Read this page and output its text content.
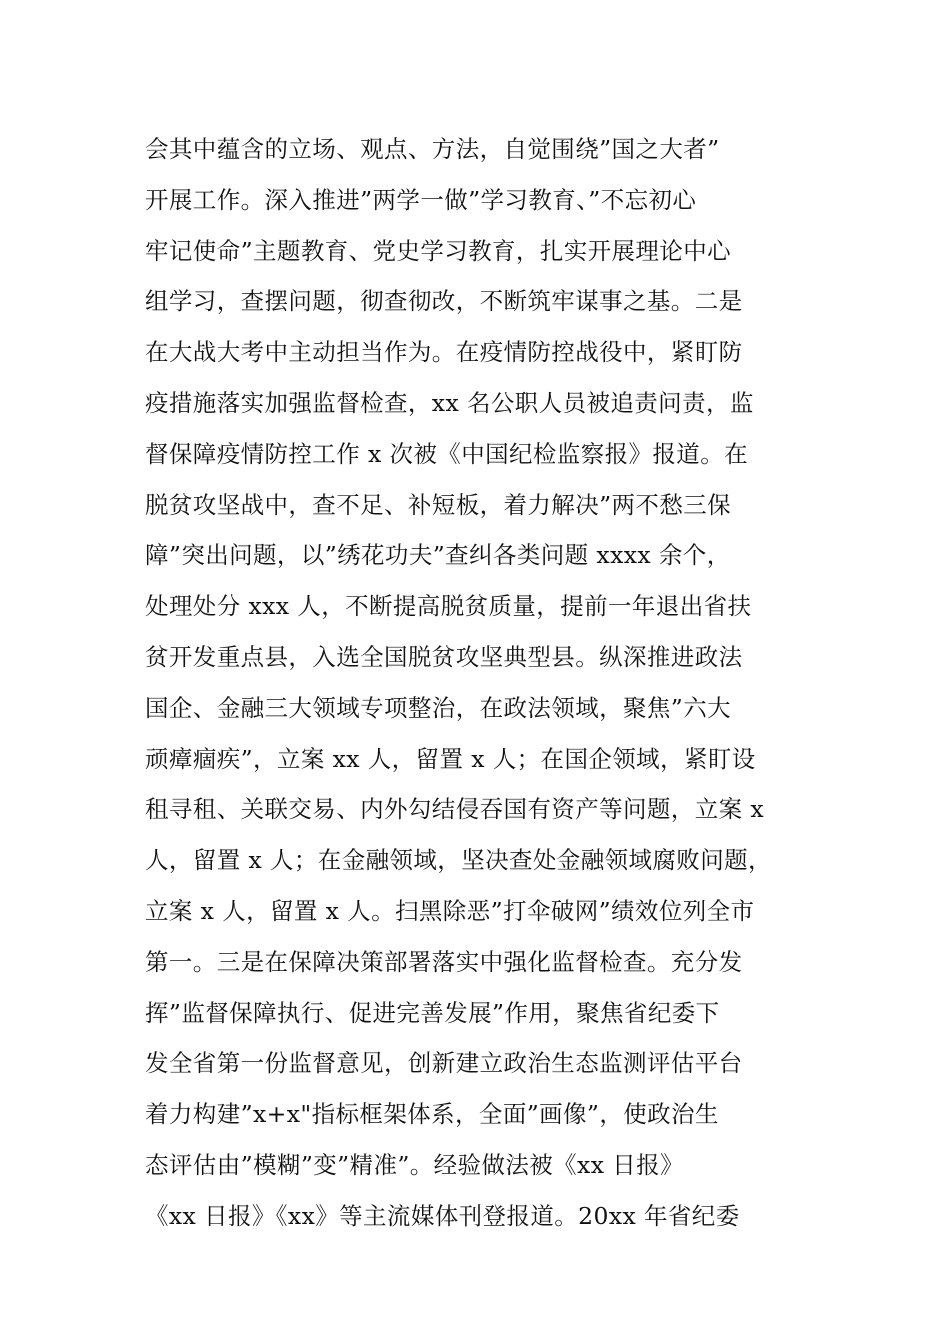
会其中蕴含的立场、观点、方法，自觉围绕”国之大者”
开展工作。深入推进”两学一做”学习教育、”不忘初心
牢记使命”主题教育、党史学习教育，扎实开展理论中心
组学习，查摆问题，彻查彻改，不断筑牢谋事之基。二是
在大战大考中主动担当作为。在疫情防控战役中，紧盯防
疫措施落实加强监督检查，xx 名公职人员被追责问责，监
督保障疫情防控工作 x 次被《中国纪检监察报》报道。在
脱贫攻坚战中，查不足、补短板，着力解决”两不愁三保
障”突出问题，以”绣花功夫”查纠各类问题 xxxx 余个，
处理处分 xxx 人，不断提高脱贫质量，提前一年退出省扶
贫开发重点县，入选全国脱贫攻坚典型县。纵深推进政法
国企、金融三大领域专项整治，在政法领域，聚焦”六大
顽瘴痼疾”，立案 xx 人，留置 x 人；在国企领域，紧盯设
租寻租、关联交易、内外勾结侵吞国有资产等问题，立案 x
人，留置 x 人；在金融领域，坚决查处金融领域腐败问题，
立案 x 人，留置 x 人。扫黑除恶”打伞破网”绩效位列全市
第一。三是在保障决策部署落实中强化监督检查。充分发
挥”监督保障执行、促进完善发展”作用，聚焦省纪委下
发全省第一份监督意见，创新建立政治生态监测评估平台
着力构建”x+x"指标框架体系，全面”画像”，使政治生
态评估由”模糊”变”精准”。经验做法被《xx 日报》
《xx 日报》《xx》等主流媒体刊登报道。20xx 年省纪委
